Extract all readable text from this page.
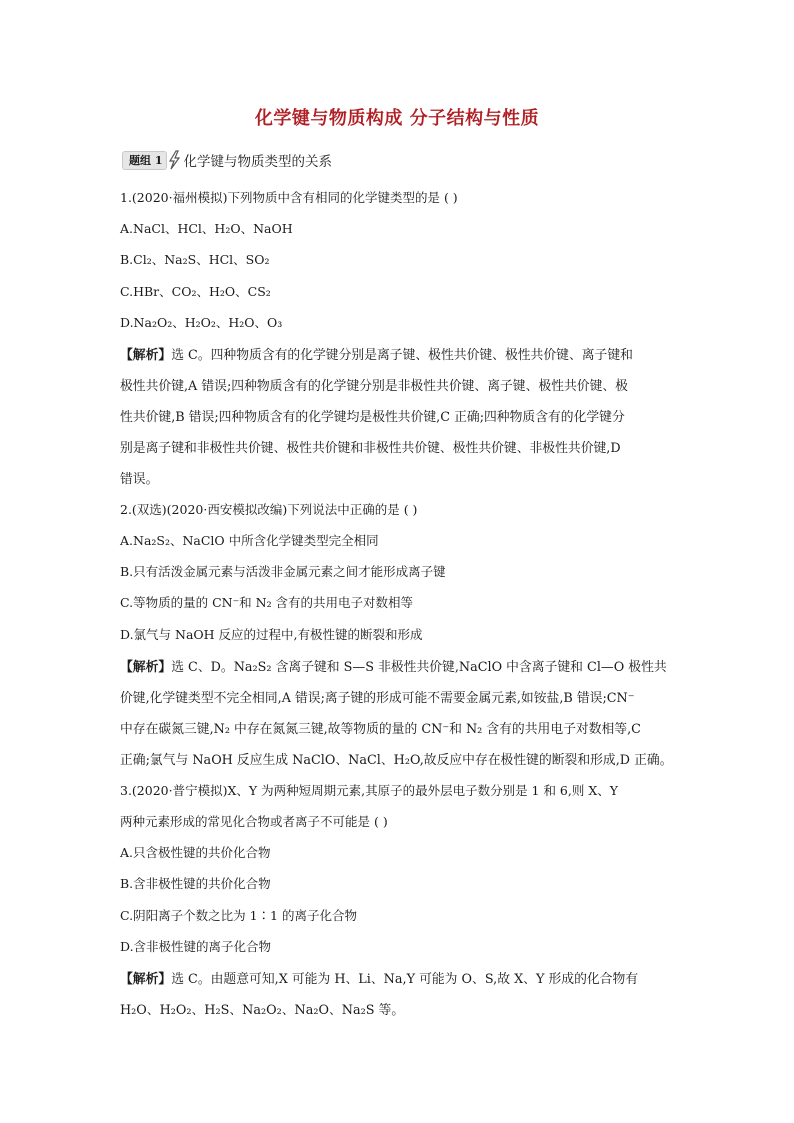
化学键与物质构成 分子结构与性质
题组 1	化学键与物质类型的关系
1.(2020·福州模拟)下列物质中含有相同的化学键类型的是 ( )
A.NaCl、HCl、H₂O、NaOH
B.Cl₂、Na₂S、HCl、SO₂
C.HBr、CO₂、H₂O、CS₂
D.Na₂O₂、H₂O₂、H₂O、O₃
【解析】选 C。四种物质含有的化学键分别是离子键、极性共价键、极性共价键、离子键和
极性共价键,A 错误;四种物质含有的化学键分别是非极性共价键、离子键、极性共价键、极
性共价键,B 错误;四种物质含有的化学键均是极性共价键,C 正确;四种物质含有的化学键分
别是离子键和非极性共价键、极性共价键和非极性共价键、极性共价键、非极性共价键,D
错误。
2.(双选)(2020·西安模拟改编)下列说法中正确的是 ( )
A.Na₂S₂、NaClO 中所含化学键类型完全相同
B.只有活泼金属元素与活泼非金属元素之间才能形成离子键
C.等物质的量的 CN⁻和 N₂ 含有的共用电子对数相等
D.氯气与 NaOH 反应的过程中,有极性键的断裂和形成
【解析】选 C、D。Na₂S₂ 含离子键和 S—S 非极性共价键,NaClO 中含离子键和 Cl—O 极性共
价键,化学键类型不完全相同,A 错误;离子键的形成可能不需要金属元素,如铵盐,B 错误;CN⁻
中存在碳氮三键,N₂ 中存在氮氮三键,故等物质的量的 CN⁻和 N₂ 含有的共用电子对数相等,C
正确;氯气与 NaOH 反应生成 NaClO、NaCl、H₂O,故反应中存在极性键的断裂和形成,D 正确。
3.(2020·普宁模拟)X、Y 为两种短周期元素,其原子的最外层电子数分别是 1 和 6,则 X、Y
两种元素形成的常见化合物或者离子不可能是 ( )
A.只含极性键的共价化合物
B.含非极性键的共价化合物
C.阴阳离子个数之比为 1∶1 的离子化合物
D.含非极性键的离子化合物
【解析】选 C。由题意可知,X 可能为 H、Li、Na,Y 可能为 O、S,故 X、Y 形成的化合物有
H₂O、H₂O₂、H₂S、Na₂O₂、Na₂O、Na₂S 等。
